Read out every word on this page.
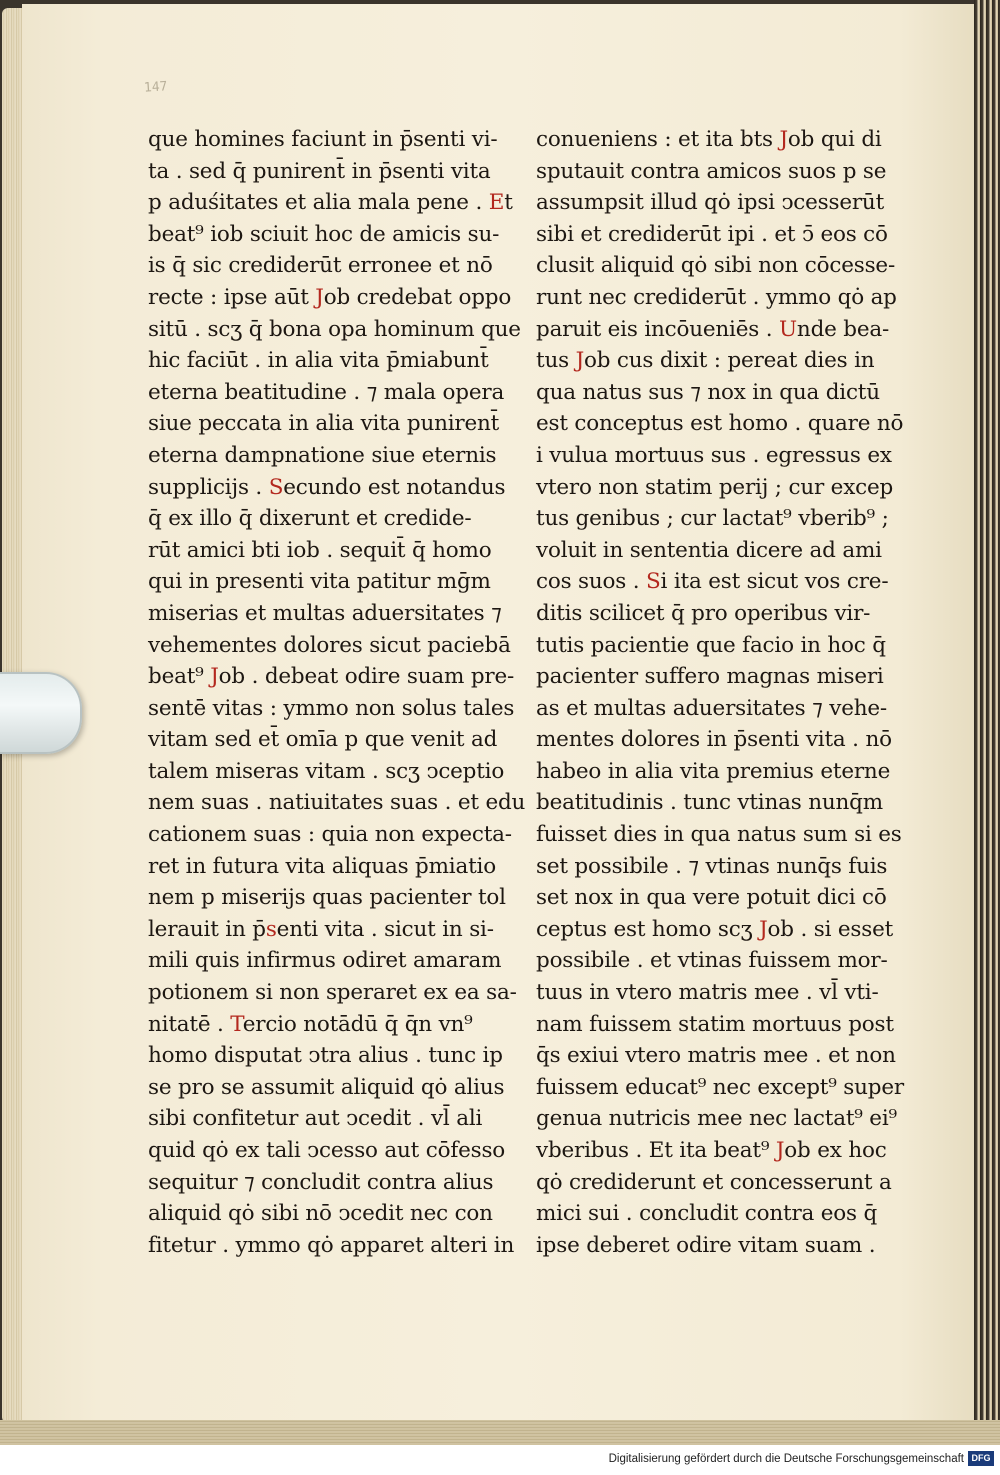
147
que homines faciunt in p̄senti vi-
ta . sed q̄ punirent̄ in p̄senti vita
p aduśitates et alia mala pene . E
beat⁹ iob sciuit hoc de amicis su-
is q̄ sic crediderūt erronee et nō
recte : ipse aūt Job credebat oppo
sitū . scʒ q̄ bona opa hominum que
hic faciūt . in alia vita p̄miabunt̄
eterna beatitudine . ⁊ mala opera
siue peccata in alia vita punirent̄
eterna dampnatione siue eternis
supplicijs . Secundo est notandus
q̄ ex illo q̄ dixerunt et credide-
rūt amici bti iob . sequit̄ q̄ homo
qui in presenti vita patitur mḡm
miserias et multas aduersitates ⁊
vehementes dolores sicut paciebā
beat⁹ Job . debeat odire suam pre-
sentē vitas : ymmo non solus tales
vitam sed et̄ omīa p que venit ad
talem miseras vitam . scʒ ↄceptio
nem suas . natiuitates suas . et edu
cationem suas : quia non expecta-
ret in futura vita aliquas p̄miatio
nem p miserijs quas pacienter tol
lerauit in p̄senti vita . sicut in si-
mili quis infirmus odiret amaram
potionem si non speraret ex ea sa-
nitatē . Tercio notādū q̄ q̄n vn⁹
homo disputat ↄtra alius . tunc ip
se pro se assumit aliquid qȯ alius
sibi confitetur aut ↄcedit . vl̄ ali
quid qȯ ex tali ↄcesso aut cōfesso
sequitur ⁊ concludit contra alius
aliquid qȯ sibi nō ↄcedit nec con
fitetur . ymmo qȯ apparet alteri in
conueniens : et ita bts Job qui di
sputauit contra amicos suos p se
assumpsit illud qȯ ipsi ↄcesserūt
sibi et crediderūt ipi . et ↄ̄ eos cō
clusit aliquid qȯ sibi non cōcesse-
runt nec crediderūt . ymmo qȯ ap
paruit eis incōueniēs . Unde bea-
tus Job cus dixit : pereat dies in
qua natus sus ⁊ nox in qua dictū
est conceptus est homo . quare nō
i vulua mortuus sus . egressus ex
vtero non statim perij ; cur excep
tus genibus ; cur lactat⁹ vberib⁹ ;
voluit in sententia dicere ad ami
cos suos . Si ita est sicut vos cre-
ditis scilicet q̄ pro operibus vir-
tutis pacientie que facio in hoc q̄
pacienter suffero magnas miseri
as et multas aduersitates ⁊ vehe-
mentes dolores in p̄senti vita . nō
habeo in alia vita premius eterne
beatitudinis . tunc vtinas nunq̄m
fuisset dies in qua natus sum si es
set possibile . ⁊ vtinas nunq̄s fuis
set nox in qua vere potuit dici cō
ceptus est homo scʒ Job . si esset
possibile . et vtinas fuissem mor-
tuus in vtero matris mee . vl̄ vti-
nam fuissem statim mortuus post
q̄s exiui vtero matris mee . et non
fuissem educat⁹ nec except⁹ super
genua nutricis mee nec lactat⁹ ei⁹
vberibus . Et ita beat⁹ Job ex hoc
qȯ crediderunt et concesserunt a
mici sui . concludit contra eos q̄
ipse deberet odire vitam suam .
Digitalisierung gefördert durch die Deutsche Forschungsgemeinschaft DFG
